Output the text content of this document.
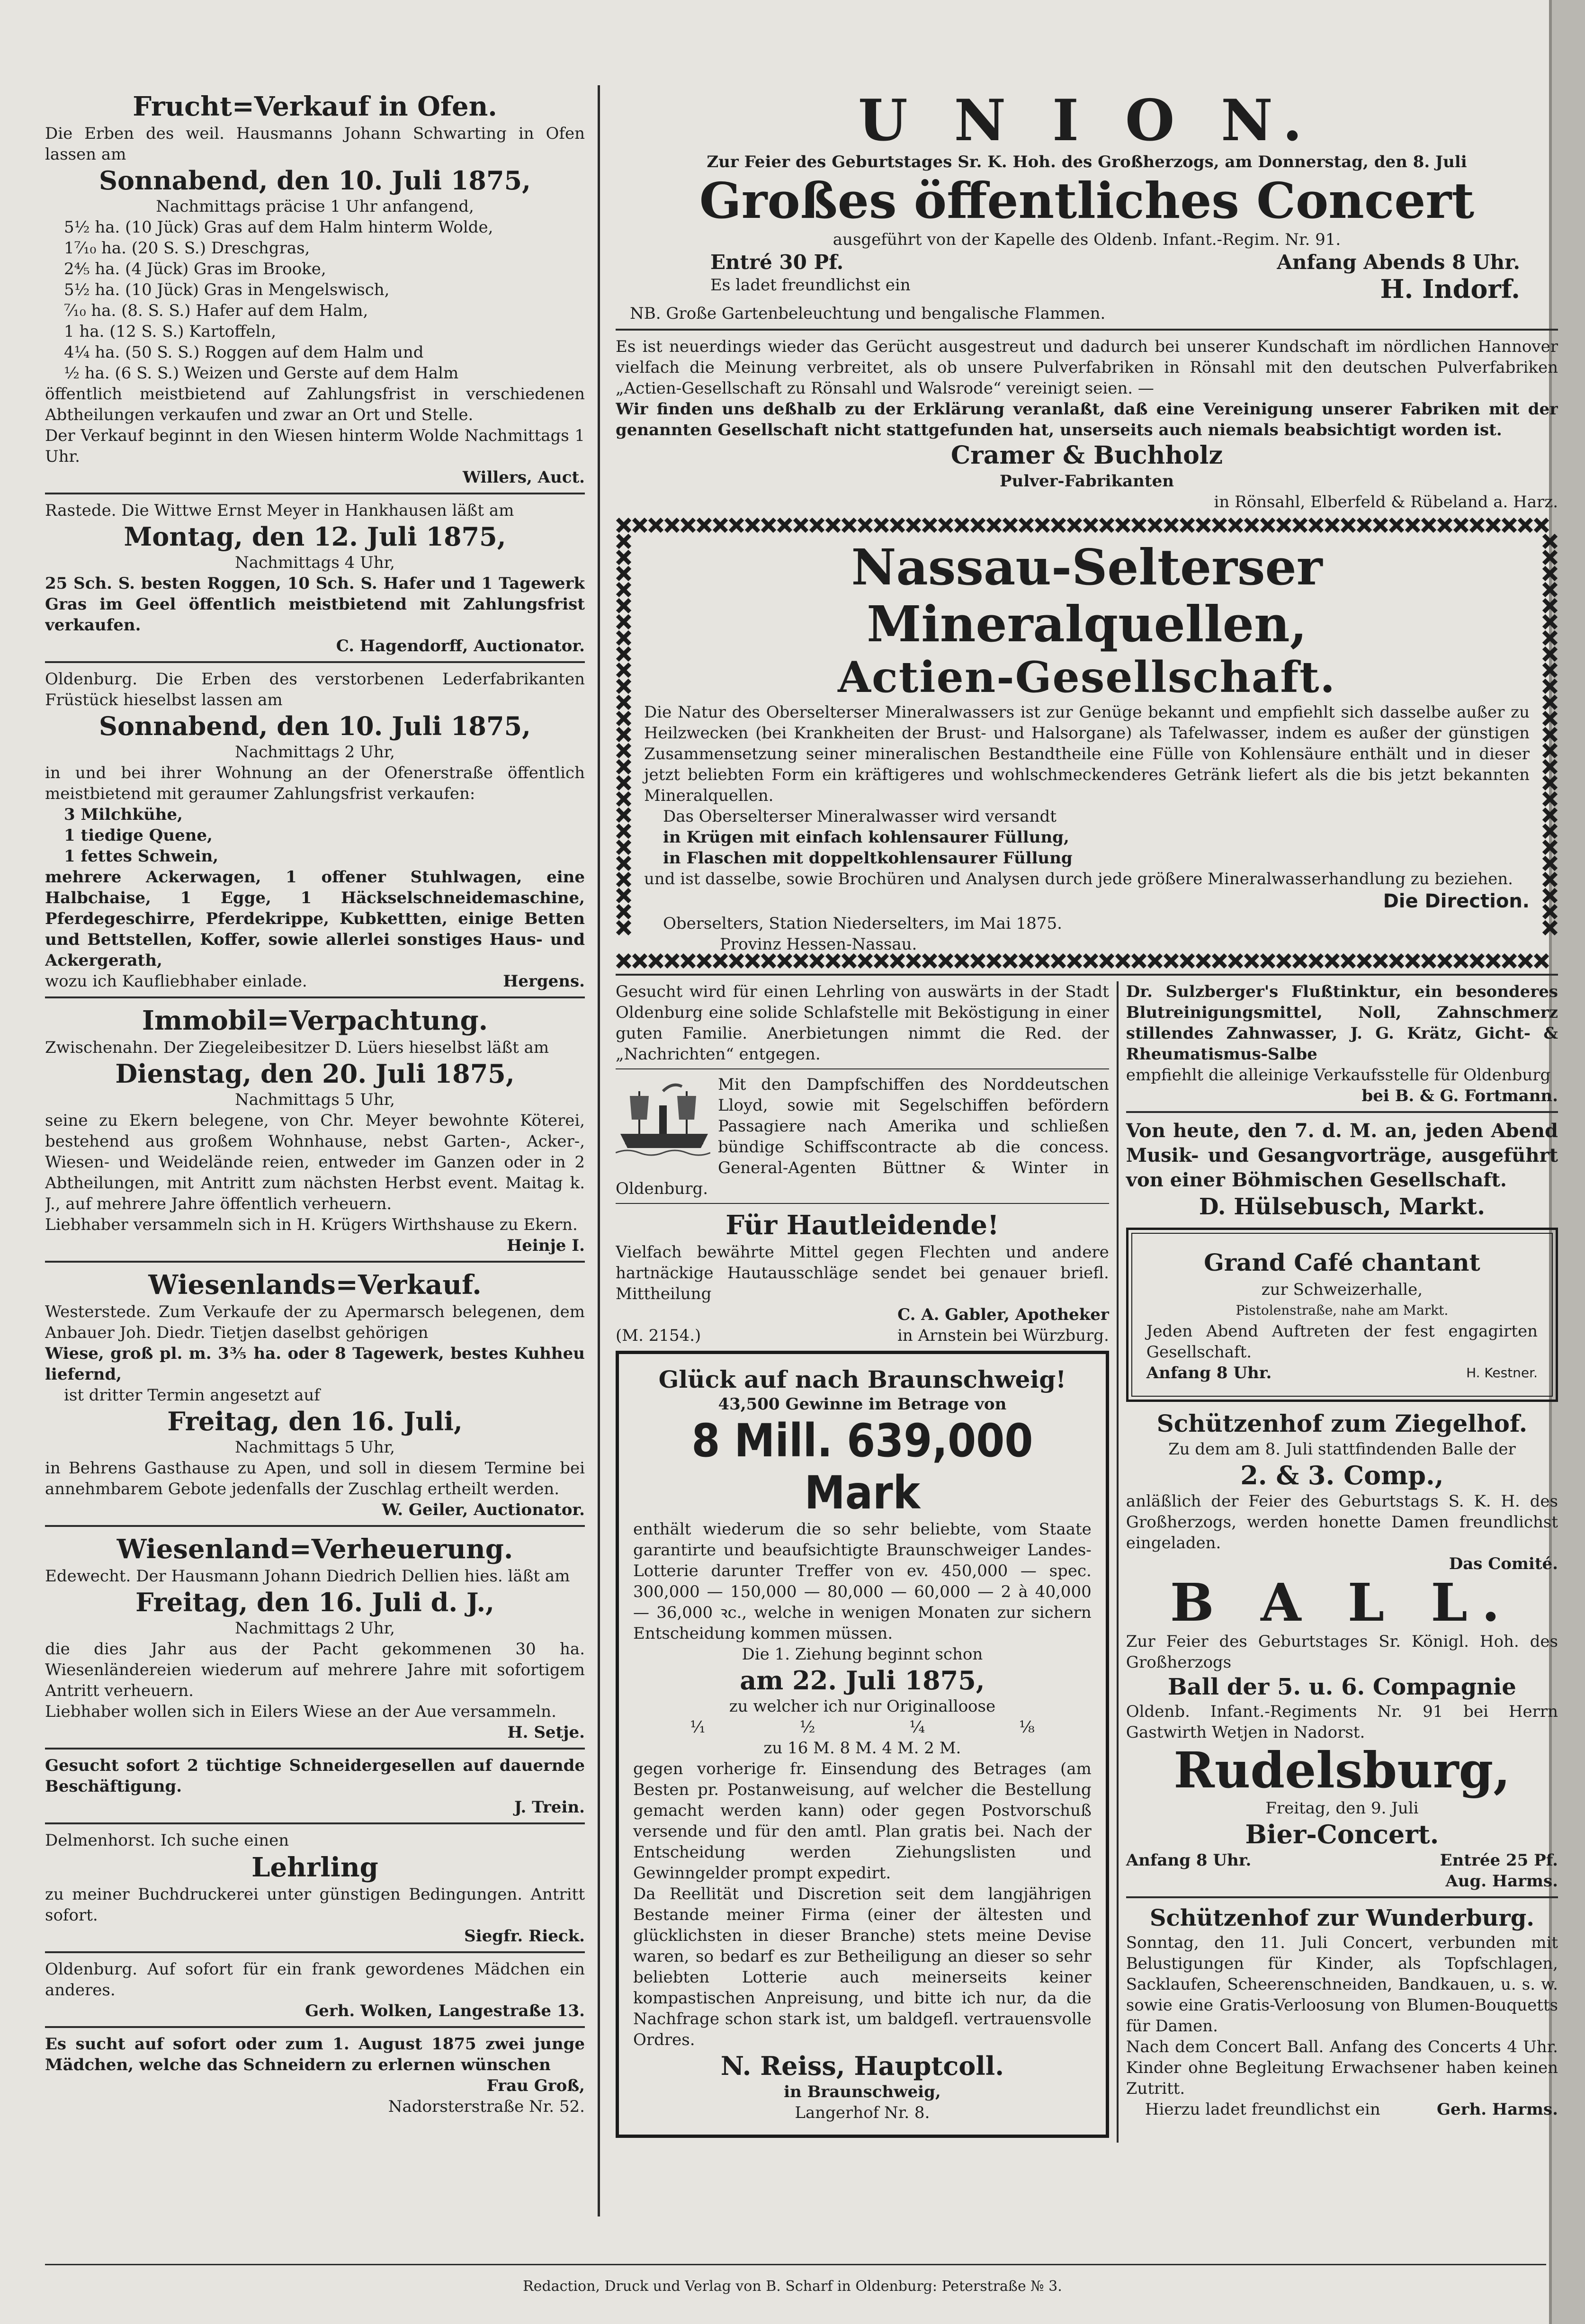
Frucht=Verkauf in Ofen.

Die Erben des weil. Hausmanns Johann Schwarting in Ofen lassen am

Sonnabend, den 10. Juli 1875,

Nachmittags präcise 1 Uhr anfangend,

5½ ha. (10 Jück) Gras auf dem Halm hinterm Wolde,

1⁷⁄₁₀ ha. (20 S. S.) Dreschgras,

2⅘ ha. (4 Jück) Gras im Brooke,

5½ ha. (10 Jück) Gras in Mengelswisch,

⁷⁄₁₀ ha. (8. S. S.) Hafer auf dem Halm,

1 ha. (12 S. S.) Kartoffeln,

4¼ ha. (50 S. S.) Roggen auf dem Halm und

½ ha. (6 S. S.) Weizen und Gerste auf dem Halm

öffentlich meistbietend auf Zahlungsfrist in verschiedenen Abtheilungen verkaufen und zwar an Ort und Stelle.

Der Verkauf beginnt in den Wiesen hinterm Wolde Nachmittags 1 Uhr.

Willers, Auct.

Rastede. Die Wittwe Ernst Meyer in Hankhausen läßt am

Montag, den 12. Juli 1875,

Nachmittags 4 Uhr,

25 Sch. S. besten Roggen, 10 Sch. S. Hafer und 1 Tagewerk Gras im Geel öffentlich meistbietend mit Zahlungsfrist verkaufen.

C. Hagendorff, Auctionator.

Oldenburg. Die Erben des verstorbenen Lederfabrikanten Früstück hieselbst lassen am

Sonnabend, den 10. Juli 1875,

Nachmittags 2 Uhr,

in und bei ihrer Wohnung an der Ofenerstraße öffentlich meistbietend mit geraumer Zahlungsfrist verkaufen:

3 Milchkühe,

1 tiedige Quene,

1 fettes Schwein,

mehrere Ackerwagen, 1 offener Stuhlwagen, eine Halbchaise, 1 Egge, 1 Häckselschneidemaschine, Pferdegeschirre, Pferdekrippe, Kubkettten, einige Betten und Bettstellen, Koffer, sowie allerlei sonstiges Haus- und Ackergerath,

wozu ich Kaufliebhaber einlade.	Hergens.

Immobil=Verpachtung.

Zwischenahn. Der Ziegeleibesitzer D. Lüers hieselbst läßt am

Dienstag, den 20. Juli 1875,

Nachmittags 5 Uhr,

seine zu Ekern belegene, von Chr. Meyer bewohnte Köterei, bestehend aus großem Wohnhause, nebst Garten-, Acker-, Wiesen- und Weidelände reien, entweder im Ganzen oder in 2 Abtheilungen, mit Antritt zum nächsten Herbst event. Maitag k. J., auf mehrere Jahre öffentlich verheuern.

Liebhaber versammeln sich in H. Krügers Wirthshause zu Ekern.

Heinje I.

Wiesenlands=Verkauf.

Westerstede. Zum Verkaufe der zu Apermarsch belegenen, dem Anbauer Joh. Diedr. Tietjen daselbst gehörigen

Wiese, groß pl. m. 3⅗ ha. oder 8 Tagewerk, bestes Kuhheu liefernd,

ist dritter Termin angesetzt auf

Freitag, den 16. Juli,

Nachmittags 5 Uhr,

in Behrens Gasthause zu Apen, und soll in diesem Termine bei annehmbarem Gebote jedenfalls der Zuschlag ertheilt werden.

W. Geiler, Auctionator.

Wiesenland=Verheuerung.

Edewecht. Der Hausmann Johann Diedrich Dellien hies. läßt am

Freitag, den 16. Juli d. J.,

Nachmittags 2 Uhr,

die dies Jahr aus der Pacht gekommenen 30 ha. Wiesenländereien wiederum auf mehrere Jahre mit sofortigem Antritt verheuern.

Liebhaber wollen sich in Eilers Wiese an der Aue versammeln.

H. Setje.

Gesucht sofort 2 tüchtige Schneidergesellen auf dauernde Beschäftigung.

J. Trein.

Delmenhorst. Ich suche einen

Lehrling

zu meiner Buchdruckerei unter günstigen Bedingungen. Antritt sofort.

Siegfr. Rieck.

Oldenburg. Auf sofort für ein frank gewordenes Mädchen ein anderes.

Gerh. Wolken, Langestraße 13.

Es sucht auf sofort oder zum 1. August 1875 zwei junge Mädchen, welche das Schneidern zu erlernen wünschen

Frau Groß,

Nadorsterstraße Nr. 52.

U N I O N.

Zur Feier des Geburtstages Sr. K. Hoh. des Großherzogs, am Donnerstag, den 8. Juli

Großes öffentliches Concert

ausgeführt von der Kapelle des Oldenb. Infant.-Regim. Nr. 91.

Entré 30 Pf.	Anfang Abends 8 Uhr.

Es ladet freundlichst ein	H. Indorf.

NB. Große Gartenbeleuchtung und bengalische Flammen.

Es ist neuerdings wieder das Gerücht ausgestreut und dadurch bei unserer Kundschaft im nördlichen Hannover vielfach die Meinung verbreitet, als ob unsere Pulverfabriken in Rönsahl mit den deutschen Pulverfabriken „Actien-Gesellschaft zu Rönsahl und Walsrode“ vereinigt seien. —

Wir finden uns deßhalb zu der Erklärung veranlaßt, daß eine Vereinigung unserer Fabriken mit der genannten Gesellschaft nicht stattgefunden hat, unserseits auch niemals beabsichtigt worden ist.

Cramer & Buchholz

Pulver-Fabrikanten

in Rönsahl, Elberfeld & Rübeland a. Harz.

Nassau-Selterser Mineralquellen,

Actien-Gesellschaft.

Die Natur des Oberselterser Mineralwassers ist zur Genüge bekannt und empfiehlt sich dasselbe außer zu Heilzwecken (bei Krankheiten der Brust- und Halsorgane) als Tafelwasser, indem es außer der günstigen Zusammensetzung seiner mineralischen Bestandtheile eine Fülle von Kohlensäure enthält und in dieser jetzt beliebten Form ein kräftigeres und wohlschmeckenderes Getränk liefert als die bis jetzt bekannten Mineralquellen.

Das Oberselterser Mineralwasser wird versandt

in Krügen mit einfach kohlensaurer Füllung,

in Flaschen mit doppeltkohlensaurer Füllung

und ist dasselbe, sowie Brochüren und Analysen durch jede größere Mineralwasserhandlung zu beziehen.

Die Direction.

Oberselters, Station Niederselters, im Mai 1875.

Provinz Hessen-Nassau.

Gesucht wird für einen Lehrling von auswärts in der Stadt Oldenburg eine solide Schlafstelle mit Beköstigung in einer guten Familie. Anerbietungen nimmt die Red. der „Nachrichten“ entgegen.

Mit den Dampfschiffen des Norddeutschen Lloyd, sowie mit Segelschiffen befördern Passagiere nach Amerika und schließen bündige Schiffscontracte ab die concess. General-Agenten Büttner & Winter in Oldenburg.

Für Hautleidende!

Vielfach bewährte Mittel gegen Flechten und andere hartnäckige Hautausschläge sendet bei genauer briefl. Mittheilung

C. A. Gabler, Apotheker

(M. 2154.)	in Arnstein bei Würzburg.

Glück auf nach Braunschweig!

43,500 Gewinne im Betrage von

8 Mill. 639,000 Mark

enthält wiederum die so sehr beliebte, vom Staate garantirte und beaufsichtigte Braunschweiger Landes-Lotterie darunter Treffer von ev. 450,000 — spec. 300,000 — 150,000 — 80,000 — 60,000 — 2 à 40,000 — 36,000 ꝛc., welche in wenigen Monaten zur sichern Entscheidung kommen müssen.

Die 1. Ziehung beginnt schon

am 22. Juli 1875,

zu welcher ich nur Originalloose

¹⁄₁	¹⁄₂	¹⁄₄	¹⁄₈

zu 16 M. 8 M. 4 M. 2 M.

gegen vorherige fr. Einsendung des Betrages (am Besten pr. Postanweisung, auf welcher die Bestellung gemacht werden kann) oder gegen Postvorschuß versende und für den amtl. Plan gratis bei. Nach der Entscheidung werden Ziehungslisten und Gewinngelder prompt expedirt.

Da Reellität und Discretion seit dem langjährigen Bestande meiner Firma (einer der ältesten und glücklichsten in dieser Branche) stets meine Devise waren, so bedarf es zur Betheiligung an dieser so sehr beliebten Lotterie auch meinerseits keiner kompastischen Anpreisung, und bitte ich nur, da die Nachfrage schon stark ist, um baldgefl. vertrauensvolle Ordres.

N. Reiss, Hauptcoll.

in Braunschweig,

Langerhof Nr. 8.

Dr. Sulzberger's Flußtinktur, ein besonderes Blutreinigungsmittel, Noll, Zahnschmerz stillendes Zahnwasser, J. G. Krätz, Gicht- & Rheumatismus-Salbe

empfiehlt die alleinige Verkaufsstelle für Oldenburg

bei B. & G. Fortmann.

Von heute, den 7. d. M. an, jeden Abend Musik- und Gesangvorträge, ausgeführt von einer Böhmischen Gesellschaft.

D. Hülsebusch, Markt.

Grand Café chantant

zur Schweizerhalle,

Pistolenstraße, nahe am Markt.

Jeden Abend Auftreten der fest engagirten Gesellschaft.

Anfang 8 Uhr.	H. Kestner.

Schützenhof zum Ziegelhof.

Zu dem am 8. Juli stattfindenden Balle der

2. & 3. Comp.,

anläßlich der Feier des Geburtstags S. K. H. des Großherzogs, werden honette Damen freundlichst eingeladen.

Das Comité.

B A L L.

Zur Feier des Geburtstages Sr. Königl. Hoh. des Großherzogs

Ball der 5. u. 6. Compagnie

Oldenb. Infant.-Regiments Nr. 91 bei Herrn Gastwirth Wetjen in Nadorst.

Rudelsburg,

Freitag, den 9. Juli

Bier-Concert.

Anfang 8 Uhr.	Entrée 25 Pf.

Aug. Harms.

Schützenhof zur Wunderburg.

Sonntag, den 11. Juli Concert, verbunden mit Belustigungen für Kinder, als Topfschlagen, Sacklaufen, Scheerenschneiden, Bandkauen, u. s. w. sowie eine Gratis-Verloosung von Blumen-Bouquetts für Damen.

Nach dem Concert Ball. Anfang des Concerts 4 Uhr. Kinder ohne Begleitung Erwachsener haben keinen Zutritt.

Hierzu ladet freundlichst ein	Gerh. Harms.

Redaction, Druck und Verlag von B. Scharf in Oldenburg: Peterstraße № 3.
